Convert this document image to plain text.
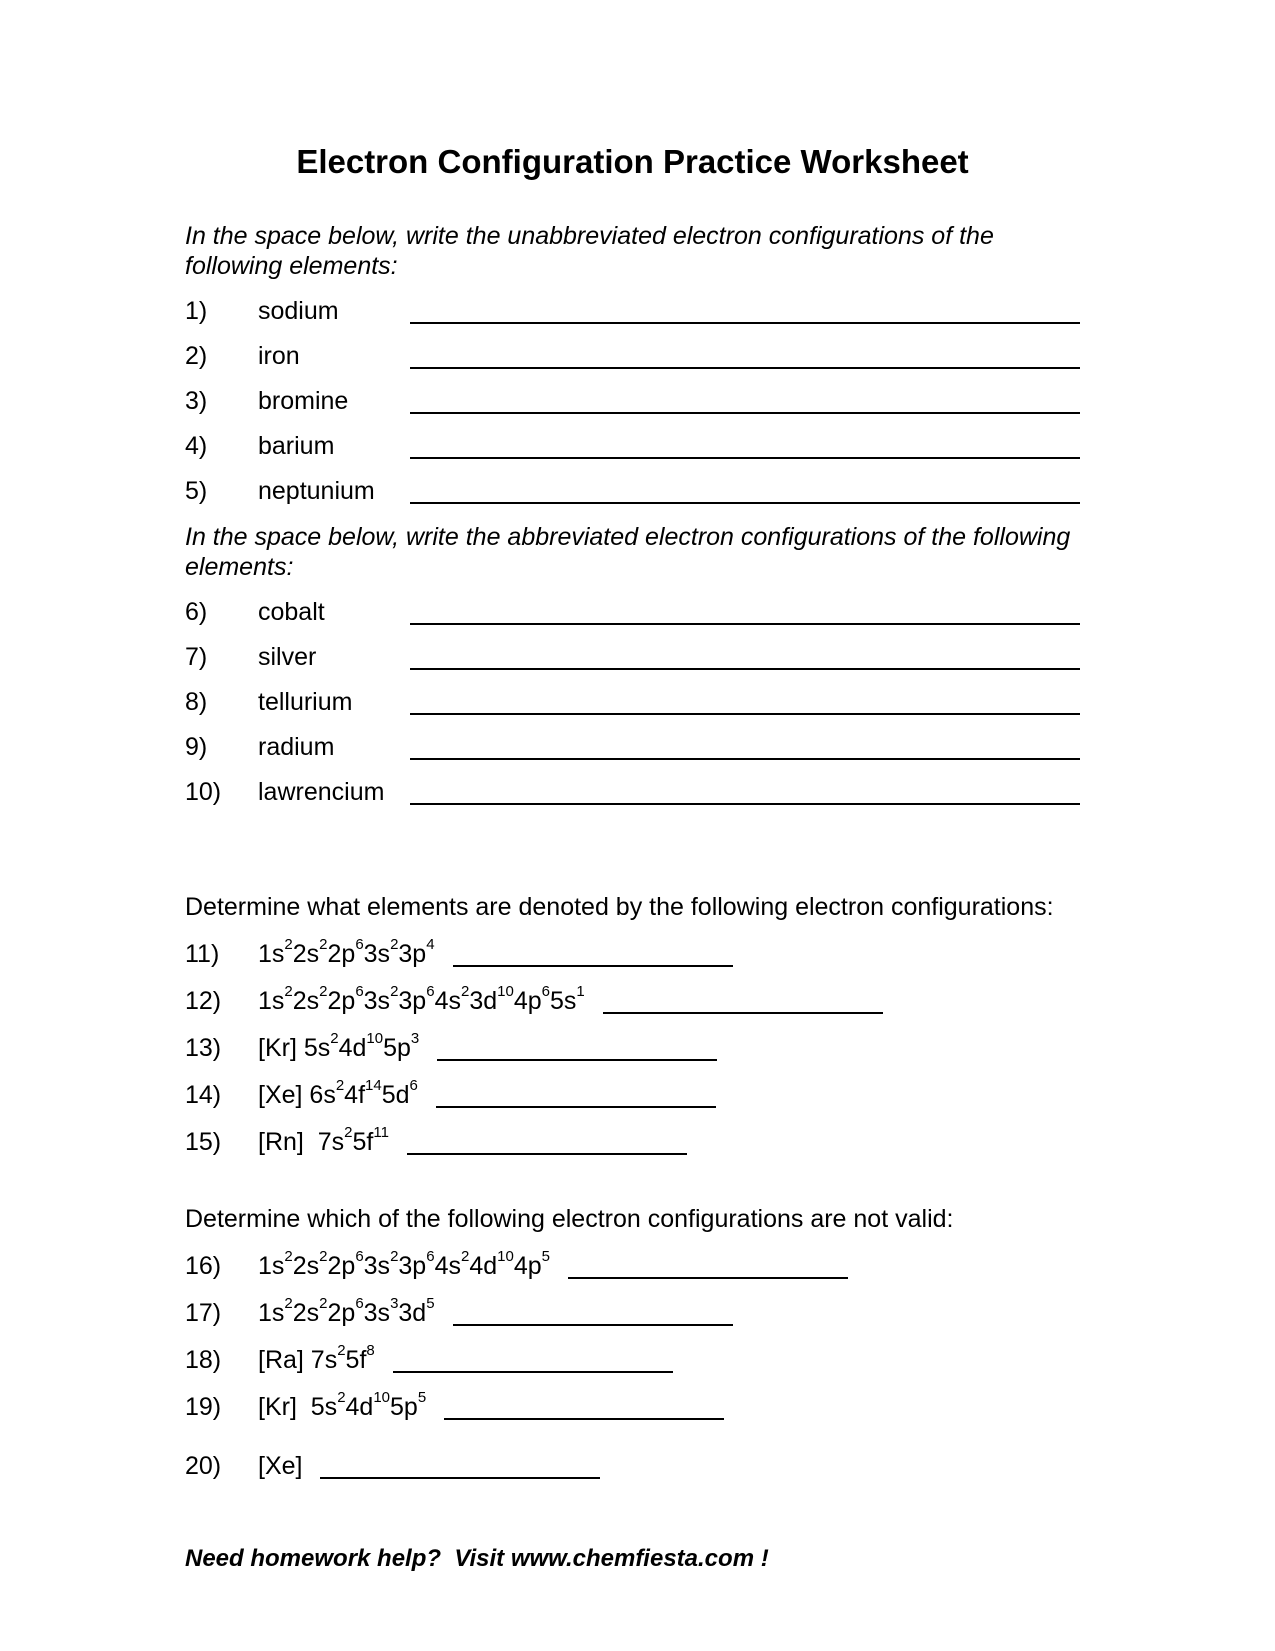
Electron Configuration Practice Worksheet
In the space below, write the unabbreviated electron configurations of the following elements:
1)	sodium
2)	iron
3)	bromine
4)	barium
5)	neptunium
In the space below, write the abbreviated electron configurations of the following elements:
6)	cobalt
7)	silver
8)	tellurium
9)	radium
10)	lawrencium
Determine what elements are denoted by the following electron configurations:
11)	$1s^22s^22p^63s^23p^4$
12)	$1s^22s^22p^63s^23p^64s^23d^{10}4p^65s^1$
13)	[Kr] $5s^24d^{10}5p^3$
14)	[Xe] $6s^24f^{14}5d^6$
15)	[Rn]  $7s^25f^{11}$
Determine which of the following electron configurations are not valid:
16)	$1s^22s^22p^63s^23p^64s^24d^{10}4p^5$
17)	$1s^22s^22p^63s^33d^5$
18)	[Ra] $7s^25f^8$
19)	[Kr]  $5s^24d^{10}5p^5$
20)	[Xe]
Need homework help?  Visit www.chemfiesta.com !
